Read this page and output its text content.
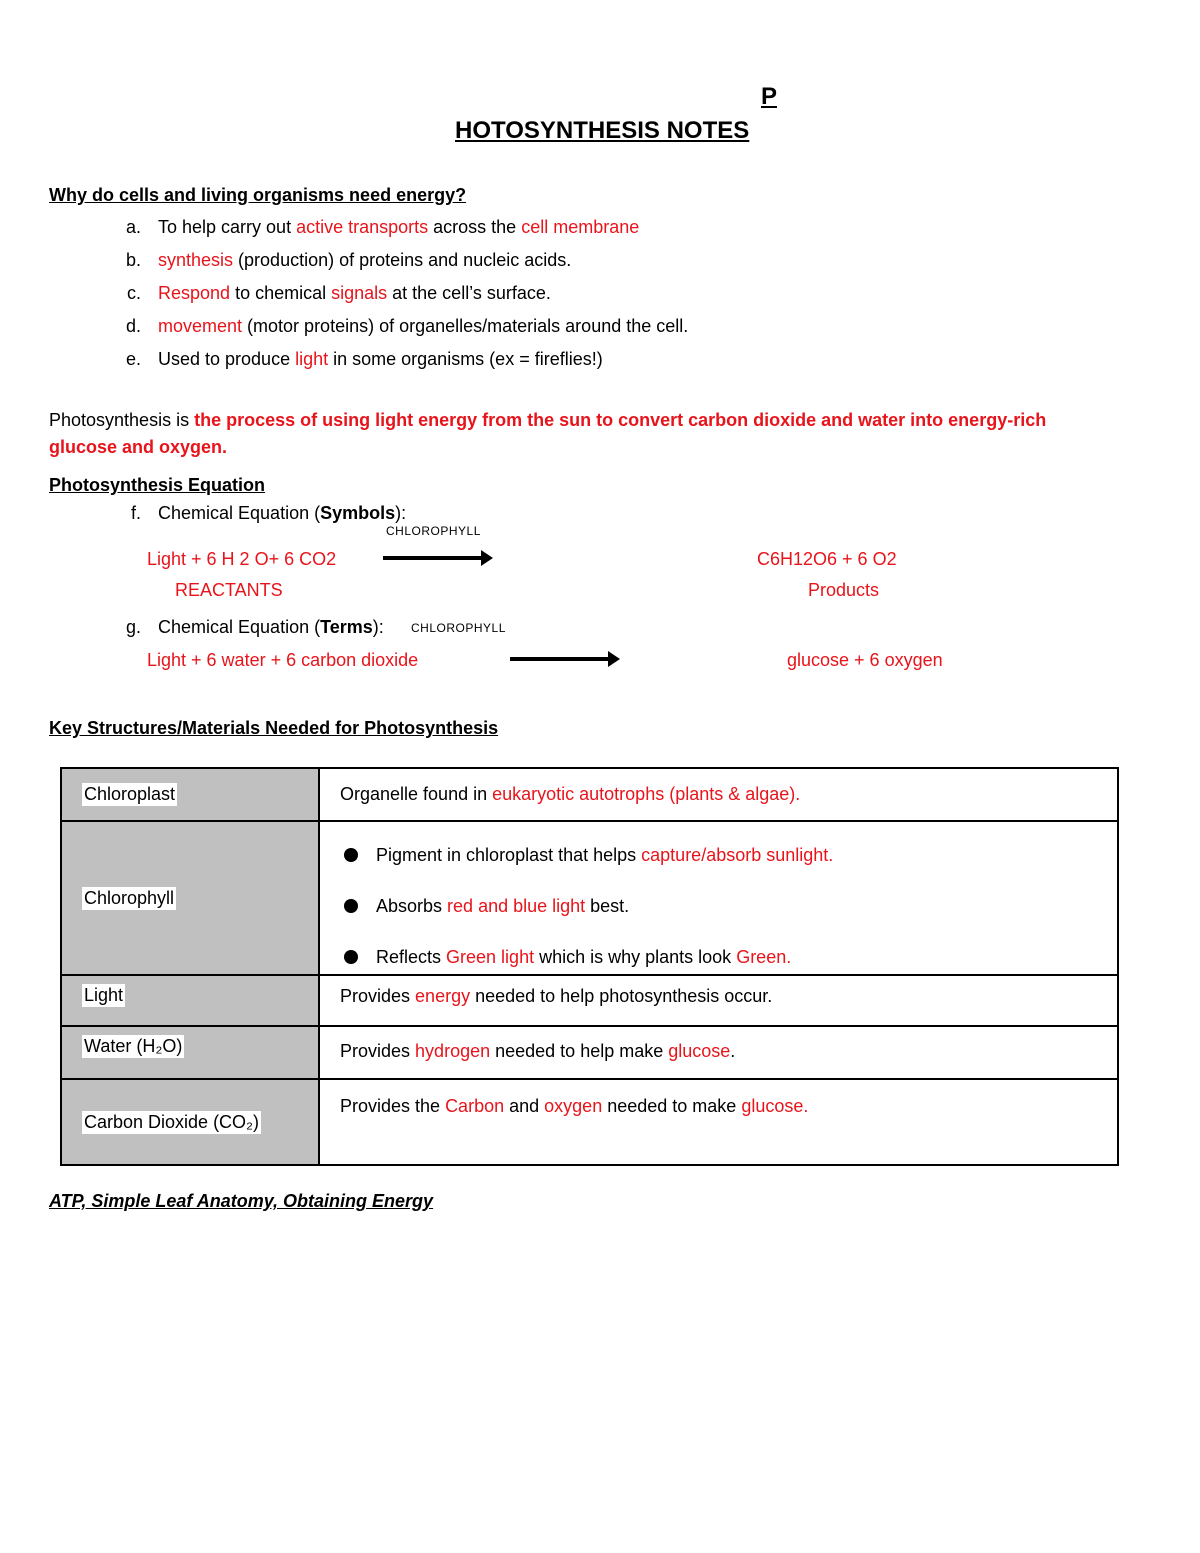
P
HOTOSYNTHESIS NOTES
Why do cells and living organisms need energy?
a. To help carry out active transports across the cell membrane
b. synthesis (production) of proteins and nucleic acids.
c. Respond to chemical signals at the cell’s surface.
d. movement (motor proteins) of organelles/materials around the cell.
e. Used to produce light in some organisms (ex = fireflies!)
Photosynthesis is the process of using light energy from the sun to convert carbon dioxide and water into energy-rich
glucose and oxygen.
Photosynthesis Equation
f. Chemical Equation (Symbols):
CHLOROPHYLL
Light + 6 H 2 O+ 6 CO2	C6H12O6 + 6 O2
REACTANTS	Products
g. Chemical Equation (Terms): CHLOROPHYLL
Light + 6 water + 6 carbon dioxide	glucose + 6 oxygen
Key Structures/Materials Needed for Photosynthesis
Chloroplast	Organelle found in eukaryotic autotrophs (plants & algae).
Chlorophyll	Pigment in chloroplast that helps capture/absorb sunlight.
Absorbs red and blue light best.
Reflects Green light which is why plants look Green.

Light	Provides energy needed to help photosynthesis occur.
Water (H₂O)	Provides hydrogen needed to help make glucose.
Carbon Dioxide (CO₂)	Provides the Carbon and oxygen needed to make glucose.
ATP, Simple Leaf Anatomy, Obtaining Energy
